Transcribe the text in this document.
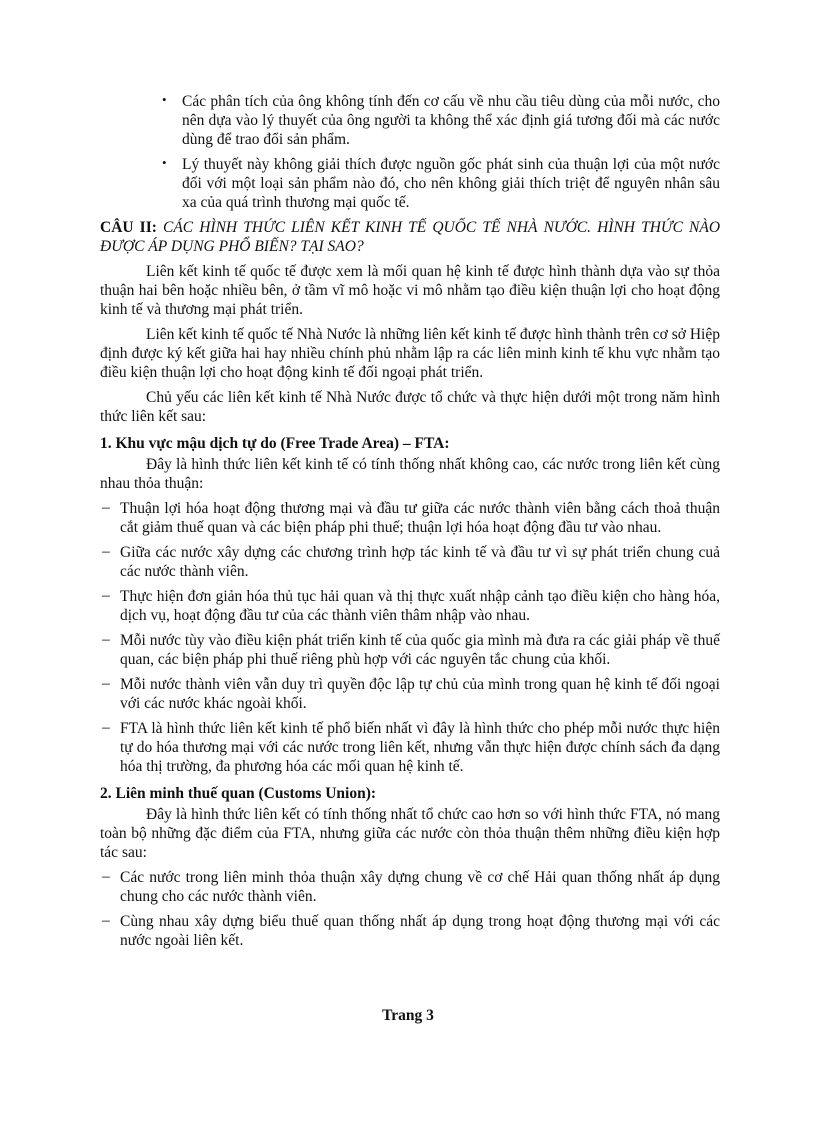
• Các phân tích của ông không tính đến cơ cấu về nhu cầu tiêu dùng của mỗi nước, cho nên dựa vào lý thuyết của ông người ta không thể xác định giá tương đối mà các nước dùng để trao đổi sản phẩm.

• Lý thuyết này không giải thích được nguồn gốc phát sinh của thuận lợi của một nước đối với một loại sản phẩm nào đó, cho nên không giải thích triệt để nguyên nhân sâu xa của quá trình thương mại quốc tế.

CÂU II: CÁC HÌNH THỨC LIÊN KẾT KINH TẾ QUỐC TẾ NHÀ NƯỚC. HÌNH THỨC NÀO ĐƯỢC ÁP DỤNG PHỔ BIẾN? TẠI SAO?

Liên kết kinh tế quốc tế được xem là mối quan hệ kinh tế được hình thành dựa vào sự thỏa thuận hai bên hoặc nhiều bên, ở tầm vĩ mô hoặc vi mô nhằm tạo điều kiện thuận lợi cho hoạt động kinh tế và thương mại phát triển.

Liên kết kinh tế quốc tế Nhà Nước là những liên kết kinh tế được hình thành trên cơ sở Hiệp định được ký kết giữa hai hay nhiều chính phủ nhằm lập ra các liên minh kinh tế khu vực nhằm tạo điều kiện thuận lợi cho hoạt động kinh tế đối ngoại phát triển.

Chủ yếu các liên kết kinh tế Nhà Nước được tổ chức và thực hiện dưới một trong năm hình thức liên kết sau:

1. Khu vực mậu dịch tự do (Free Trade Area) – FTA:

Đây là hình thức liên kết kinh tế có tính thống nhất không cao, các nước trong liên kết cùng nhau thỏa thuận:

– Thuận lợi hóa hoạt động thương mại và đầu tư giữa các nước thành viên bằng cách thoả thuận cắt giảm thuế quan và các biện pháp phi thuế; thuận lợi hóa hoạt động đầu tư vào nhau.

– Giữa các nước xây dựng các chương trình hợp tác kinh tế và đầu tư vì sự phát triển chung cuả các nước thành viên.

– Thực hiện đơn giản hóa thủ tục hải quan và thị thực xuất nhập cảnh tạo điều kiện cho hàng hóa, dịch vụ, hoạt động đầu tư của các thành viên thâm nhập vào nhau.

– Mỗi nước tùy vào điều kiện phát triển kinh tế của quốc gia mình mà đưa ra các giải pháp về thuế quan, các biện pháp phi thuế riêng phù hợp với các nguyên tắc chung của khối.

– Mỗi nước thành viên vẫn duy trì quyền độc lập tự chủ của mình trong quan hệ kinh tế đối ngoại với các nước khác ngoài khối.

– FTA là hình thức liên kết kinh tế phổ biến nhất vì đây là hình thức cho phép mỗi nước thực hiện tự do hóa thương mại với các nước trong liên kết, nhưng vẫn thực hiện được chính sách đa dạng hóa thị trường, đa phương hóa các mối quan hệ kinh tế.

2. Liên minh thuế quan (Customs Union):

Đây là hình thức liên kết có tính thống nhất tổ chức cao hơn so với hình thức FTA, nó mang toàn bộ những đặc điểm của FTA, nhưng giữa các nước còn thỏa thuận thêm những điều kiện hợp tác sau:

– Các nước trong liên minh thỏa thuận xây dựng chung về cơ chế Hải quan thống nhất áp dụng chung cho các nước thành viên.

– Cùng nhau xây dựng biểu thuế quan thống nhất áp dụng trong hoạt động thương mại với các nước ngoài liên kết.

Trang 3
